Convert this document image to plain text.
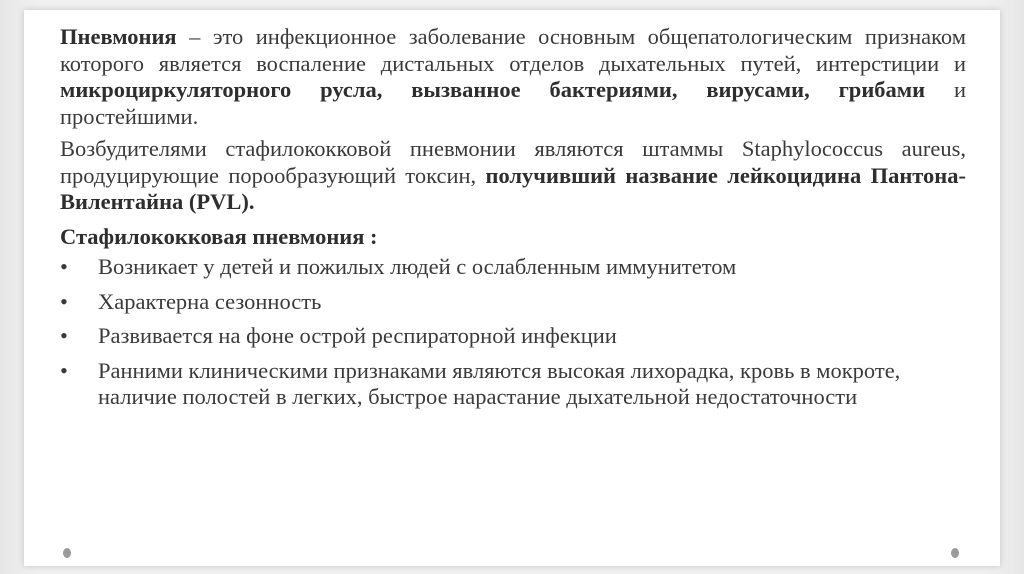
Пневмония – это инфекционное заболевание основным общепатологическим признаком которого является воспаление дистальных отделов дыхательных путей, интерстиции и микроциркуляторного русла, вызванное бактериями, вирусами, грибами и простейшими.

Возбудителями стафилококковой пневмонии являются штаммы Staphylococcus aureus, продуцирующие порообразующий токсин, получивший название лейкоцидина Пантона-Вилентайна (PVL).

Стафилококковая пневмония :
• Возникает у детей и пожилых людей с ослабленным иммунитетом
• Характерна сезонность
• Развивается на фоне острой респираторной инфекции
• Ранними клиническими признаками являются высокая лихорадка, кровь в мокроте, наличие полостей в легких, быстрое нарастание дыхательной недостаточности
